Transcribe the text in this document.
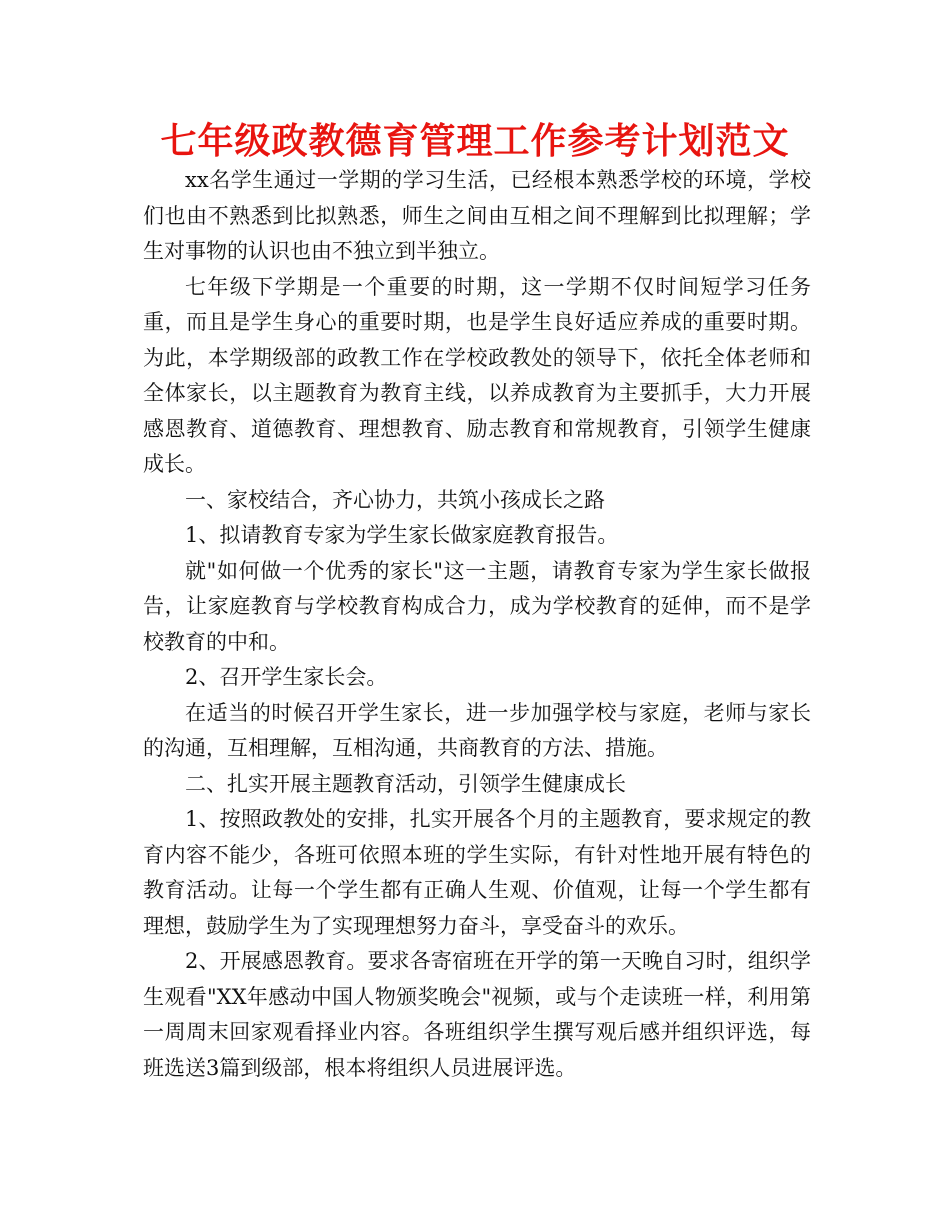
七年级政教德育管理工作参考计划范文

xx名学生通过一学期的学习生活，已经根本熟悉学校的环境，学校们也由不熟悉到比拟熟悉，师生之间由互相之间不理解到比拟理解；学生对事物的认识也由不独立到半独立。

七年级下学期是一个重要的时期，这一学期不仅时间短学习任务重，而且是学生身心的重要时期，也是学生良好适应养成的重要时期。为此，本学期级部的政教工作在学校政教处的领导下，依托全体老师和全体家长，以主题教育为教育主线，以养成教育为主要抓手，大力开展感恩教育、道德教育、理想教育、励志教育和常规教育，引领学生健康成长。

一、家校结合，齐心协力，共筑小孩成长之路

1、拟请教育专家为学生家长做家庭教育报告。

就"如何做一个优秀的家长"这一主题，请教育专家为学生家长做报告，让家庭教育与学校教育构成合力，成为学校教育的延伸，而不是学校教育的中和。

2、召开学生家长会。

在适当的时候召开学生家长，进一步加强学校与家庭，老师与家长的沟通，互相理解，互相沟通，共商教育的方法、措施。

二、扎实开展主题教育活动，引领学生健康成长

1、按照政教处的安排，扎实开展各个月的主题教育，要求规定的教育内容不能少，各班可依照本班的学生实际，有针对性地开展有特色的教育活动。让每一个学生都有正确人生观、价值观，让每一个学生都有理想，鼓励学生为了实现理想努力奋斗，享受奋斗的欢乐。

2、开展感恩教育。要求各寄宿班在开学的第一天晚自习时，组织学生观看"XX年感动中国人物颁奖晚会"视频，或与个走读班一样，利用第一周周末回家观看择业内容。各班组织学生撰写观后感并组织评选，每班选送3篇到级部，根本将组织人员进展评选。
